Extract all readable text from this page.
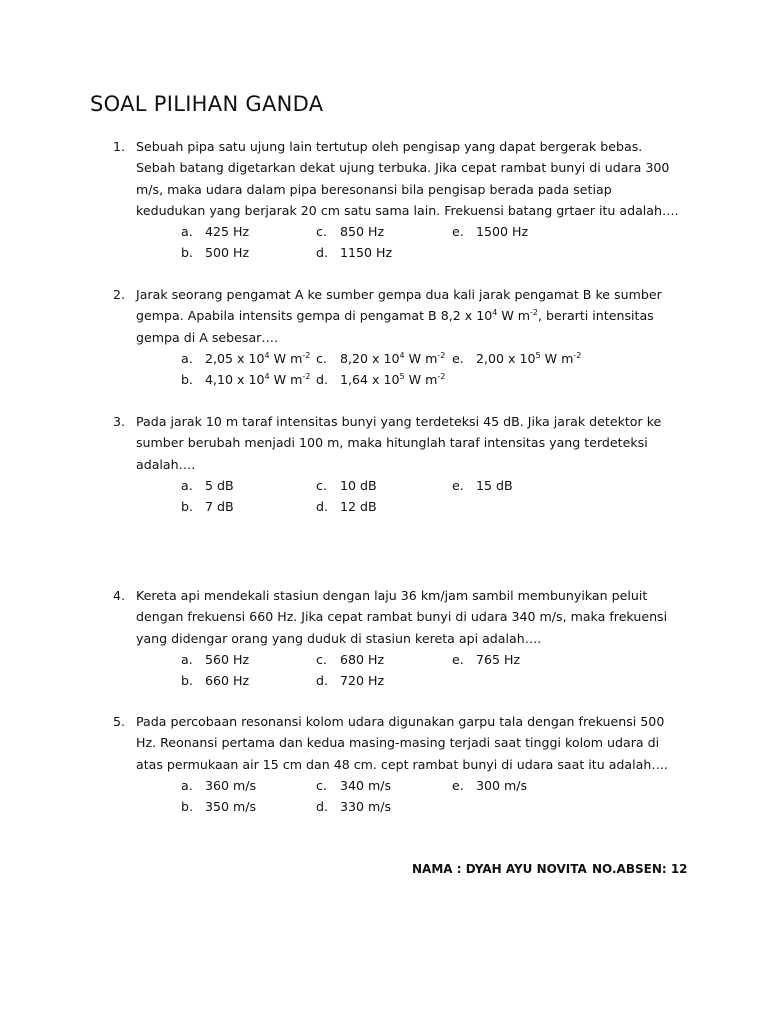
SOAL PILIHAN GANDA
1. Sebuah pipa satu ujung lain tertutup oleh pengisap yang dapat bergerak bebas. Sebah batang digetarkan dekat ujung terbuka. Jika cepat rambat bunyi di udara 300 m/s, maka udara dalam pipa beresonansi bila pengisap berada pada setiap kedudukan yang berjarak 20 cm satu sama lain. Frekuensi batang grtaer itu adalah….
a. 425 Hz
b. 500 Hz
c. 850 Hz
d. 1150 Hz
e. 1500 Hz
2. Jarak seorang pengamat A ke sumber gempa dua kali jarak pengamat B ke sumber gempa. Apabila intensits gempa di pengamat B 8,2 x $10^4$ W $m^{-2}$, berarti intensitas gempa di A sebesar….
a. 2,05 x $10^4$ W $m^{-2}$
b. 4,10 x $10^4$ W $m^{-2}$
c. 8,20 x $10^4$ W $m^{-2}$
d. 1,64 x $10^5$ W $m^{-2}$
e. 2,00 x $10^5$ W $m^{-2}$
3. Pada jarak 10 m taraf intensitas bunyi yang terdeteksi 45 dB. Jika jarak detektor ke sumber berubah menjadi 100 m, maka hitunglah taraf intensitas yang terdeteksi adalah….
a. 5 dB
b. 7 dB
c. 10 dB
d. 12 dB
e. 15 dB
4. Kereta api mendekali stasiun dengan laju 36 km/jam sambil membunyikan peluit dengan frekuensi 660 Hz. Jika cepat rambat bunyi di udara 340 m/s, maka frekuensi yang didengar orang yang duduk di stasiun kereta api adalah….
a. 560 Hz
b. 660 Hz
c. 680 Hz
d. 720 Hz
e. 765 Hz
5. Pada percobaan resonansi kolom udara digunakan garpu tala dengan frekuensi 500 Hz. Reonansi pertama dan kedua masing-masing terjadi saat tinggi kolom udara di atas permukaan air 15 cm dan 48 cm. cept rambat bunyi di udara saat itu adalah….
a. 360 m/s
b. 350 m/s
c. 340 m/s
d. 330 m/s
e. 300 m/s
NAMA : DYAH AYU NOVITA NO.ABSEN: 12
